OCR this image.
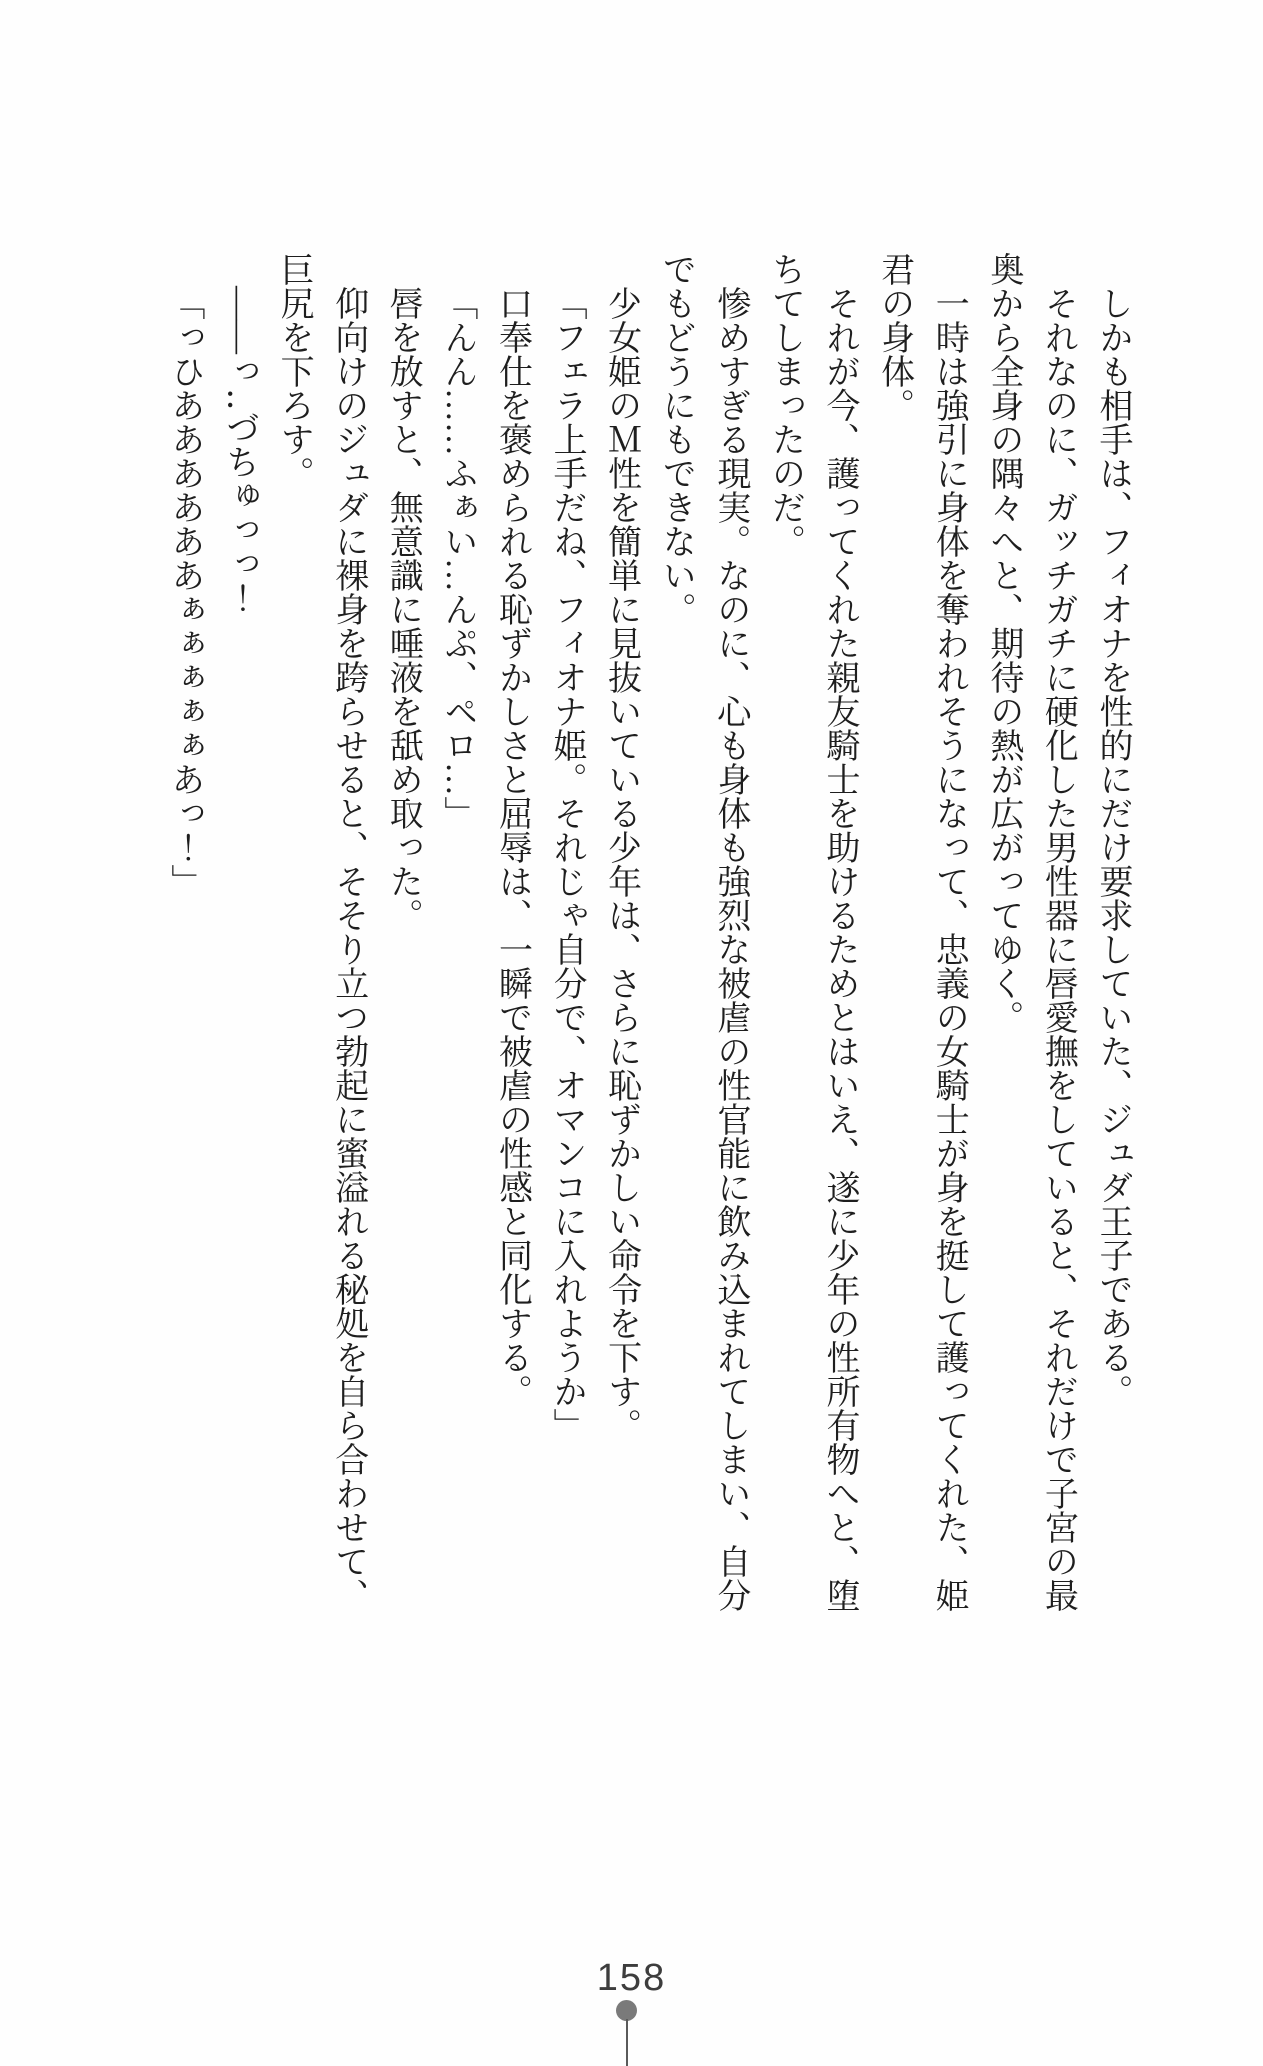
しかも相手は、フィオナを性的にだけ要求していた、ジュダ王子である。

それなのに、ガッチガチに硬化した男性器に唇愛撫をしていると、それだけで子宮の最

奥から全身の隅々へと、期待の熱が広がってゆく。

一時は強引に身体を奪われそうになって、忠義の女騎士が身を挺して護ってくれた、姫

君の身体。

それが今、護ってくれた親友騎士を助けるためとはいえ、遂に少年の性所有物へと、堕

ちてしまったのだ。

惨めすぎる現実。なのに、心も身体も強烈な被虐の性官能に飲み込まれてしまい、自分

でもどうにもできない。

少女姫のＭ性を簡単に見抜いている少年は、さらに恥ずかしい命令を下す。

「フェラ上手だね、フィオナ姫。それじゃ自分で、オマンコに入れようか」

口奉仕を褒められる恥ずかしさと屈辱は、一瞬で被虐の性感と同化する。

「んん……ふぁい…んぷ、ペロ…」

唇を放すと、無意識に唾液を舐め取った。

仰向けのジュダに裸身を跨らせると、そそり立つ勃起に蜜溢れる秘処を自ら合わせて、

巨尻を下ろす。

――っ‥づちゅっっ！

「っひああああああぁぁぁぁぁあっ！」

158
